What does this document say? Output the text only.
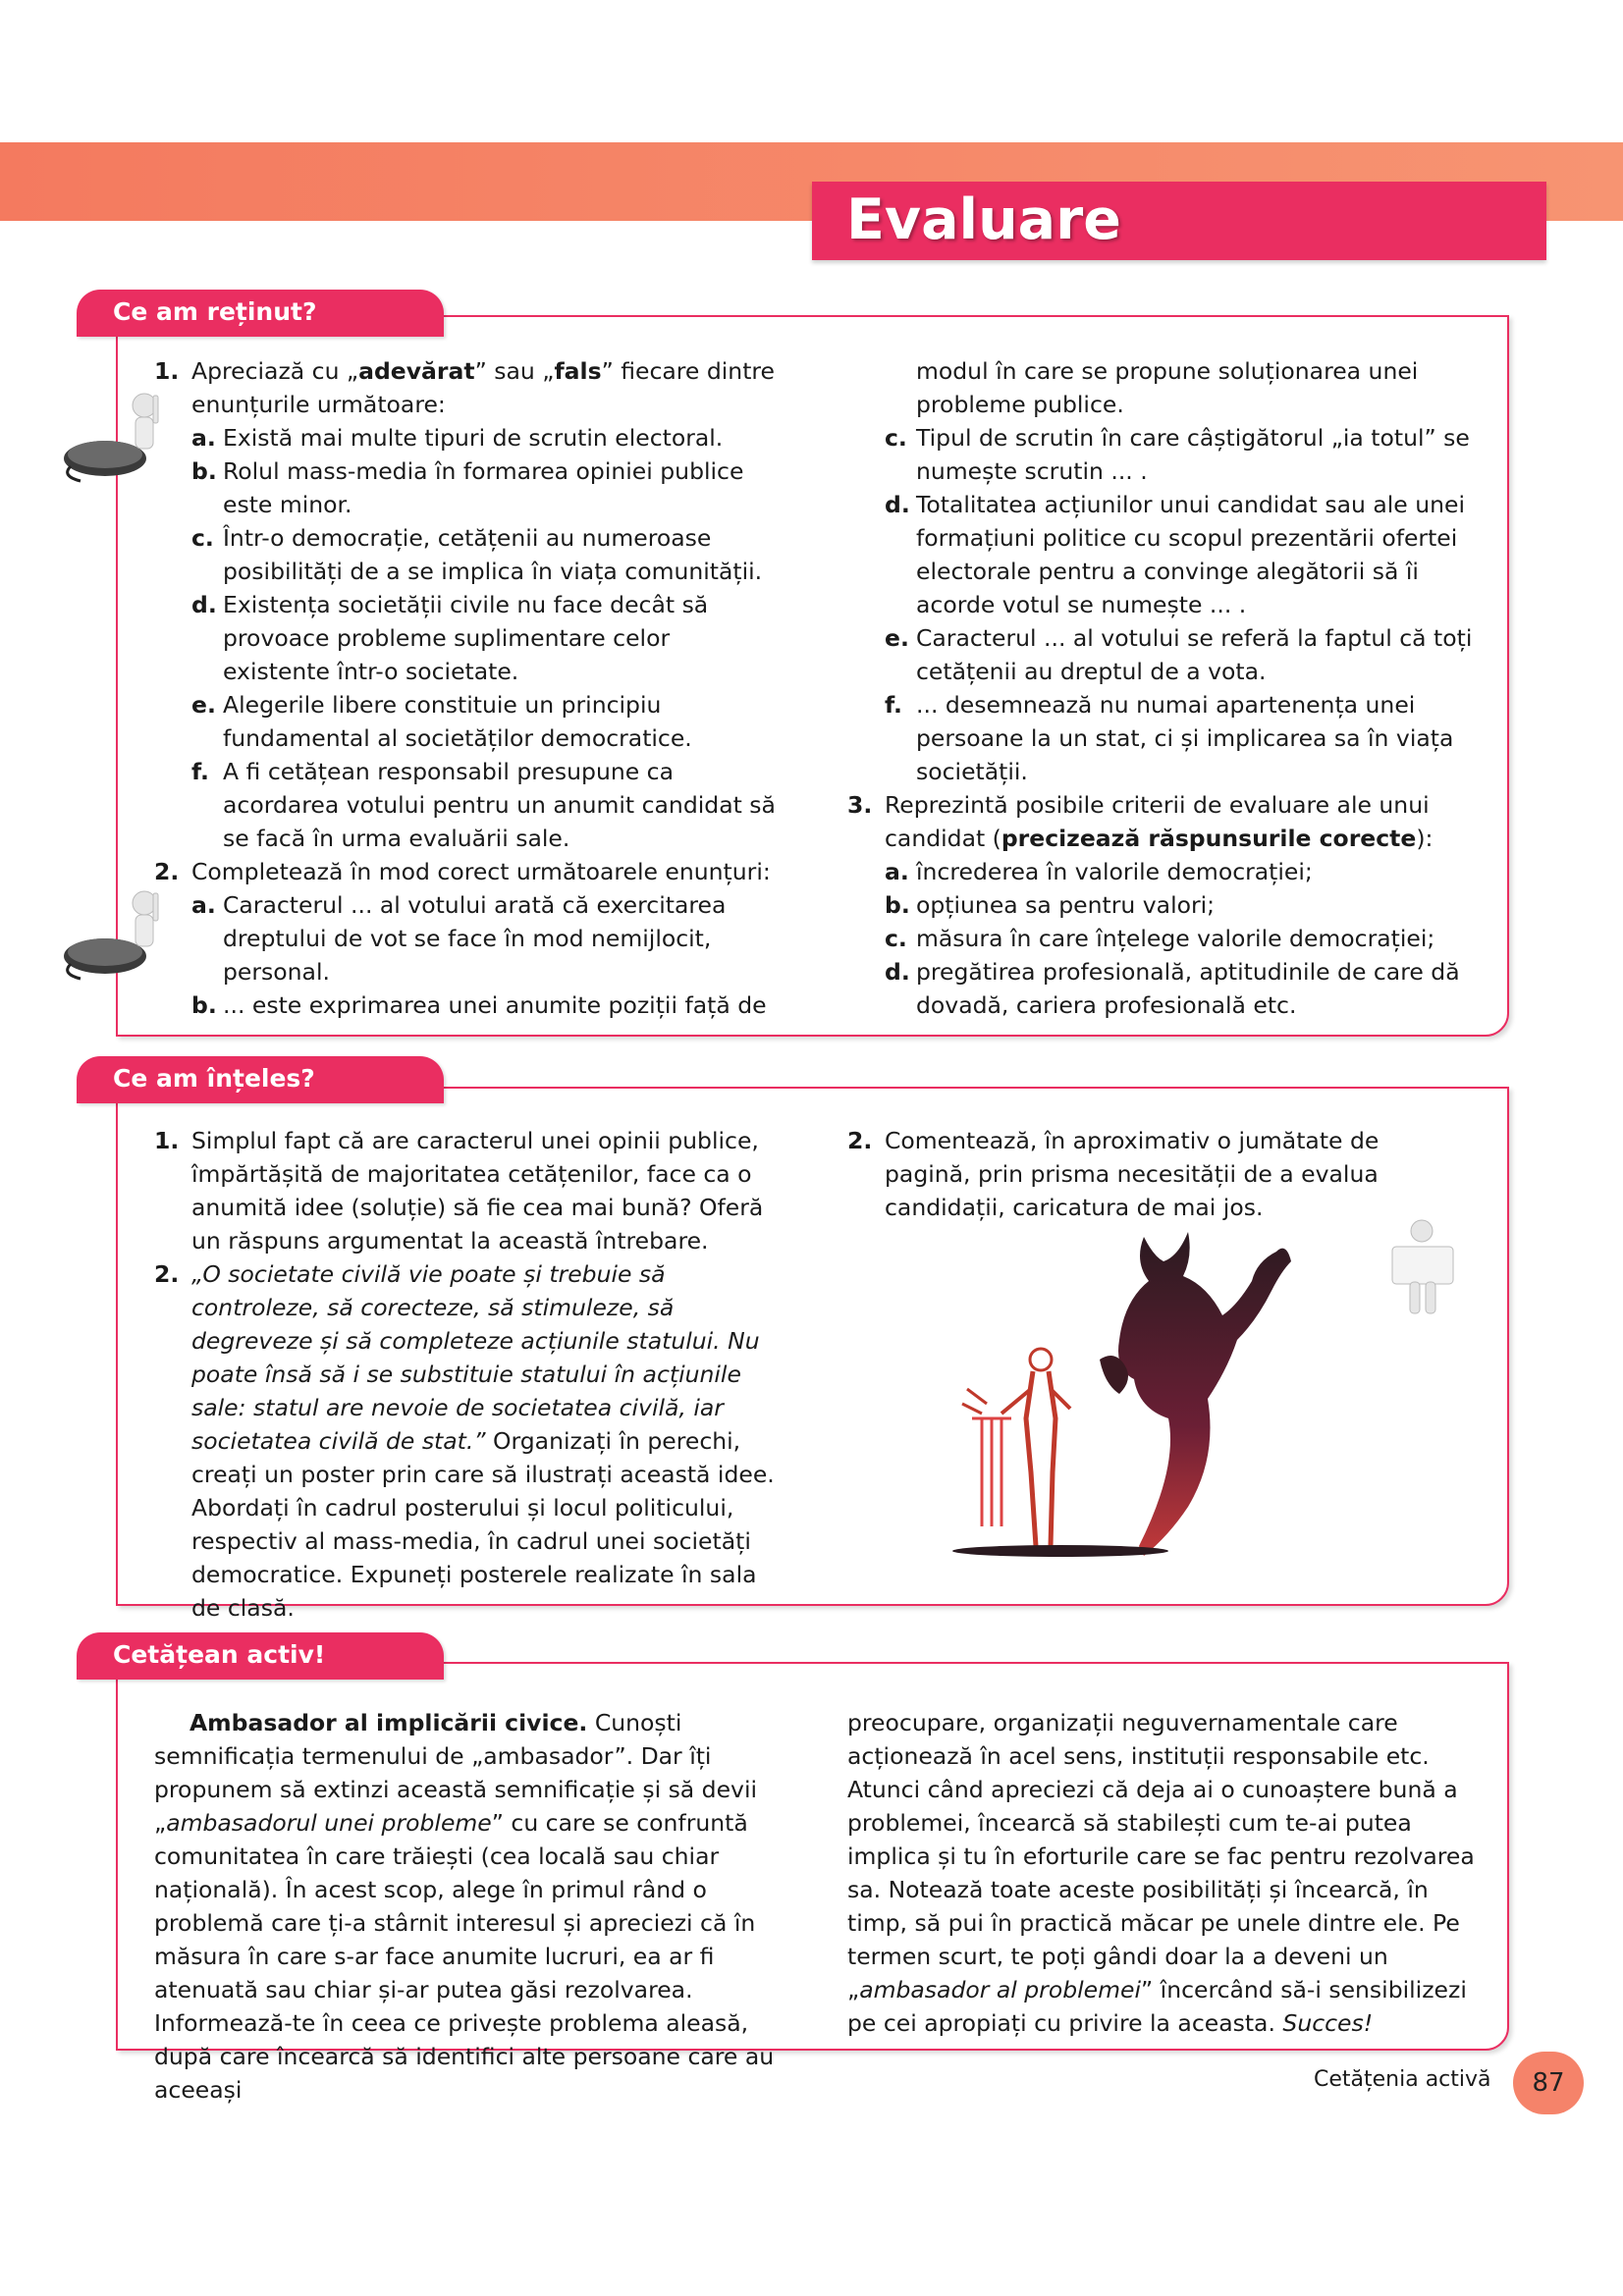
Evaluare
Ce am reținut?
1. Apreciază cu „adevărat” sau „fals” fiecare dintre enunțurile următoare:
a. Există mai multe tipuri de scrutin electoral.
b. Rolul mass-media în formarea opiniei publice este minor.
c. Într-o democrație, cetățenii au numeroase posibilități de a se implica în viața comunității.
d. Existența societății civile nu face decât să provoace probleme suplimentare celor existente într-o societate.
e. Alegerile libere constituie un principiu fundamental al societăților democratice.
f. A fi cetățean responsabil presupune ca acordarea votului pentru un anumit candidat să se facă în urma evaluării sale.
2. Completează în mod corect următoarele enunțuri:
a. Caracterul ... al votului arată că exercitarea dreptului de vot se face în mod nemijlocit, personal.
b. ... este exprimarea unei anumite poziții față de
modul în care se propune soluționarea unei probleme publice.
c. Tipul de scrutin în care câștigătorul „ia totul” se numește scrutin ... .
d. Totalitatea acțiunilor unui candidat sau ale unei formațiuni politice cu scopul prezentării ofertei electorale pentru a convinge alegătorii să îi acorde votul se numește ... .
e. Caracterul ... al votului se referă la faptul că toți cetățenii au dreptul de a vota.
f. ... desemnează nu numai apartenența unei persoane la un stat, ci și implicarea sa în viața societății.
3. Reprezintă posibile criterii de evaluare ale unui candidat (precizează răspunsurile corecte):
a. încrederea în valorile democrației;
b. opțiunea sa pentru valori;
c. măsura în care înțelege valorile democrației;
d. pregătirea profesională, aptitudinile de care dă dovadă, cariera profesională etc.
Ce am înțeles?
1. Simplul fapt că are caracterul unei opinii publice, împărtășită de majoritatea cetățenilor, face ca o anumită idee (soluție) să fie cea mai bună? Oferă un răspuns argumentat la această întrebare.
2. „O societate civilă vie poate și trebuie să controleze, să corecteze, să stimuleze, să degreveze și să completeze acțiunile statului. Nu poate însă să i se substituie statului în acțiunile sale: statul are nevoie de societatea civilă, iar societatea civilă de stat.” Organizați în perechi, creați un poster prin care să ilustrați această idee. Abordați în cadrul posterului și locul politicului, respectiv al mass-media, în cadrul unei societăți democratice. Expuneți posterele realizate în sala de clasă.
2. Comentează, în aproximativ o jumătate de pagină, prin prisma necesității de a evalua candidații, caricatura de mai jos.
Cetățean activ!
Ambasador al implicării civice. Cunoști semnificația termenului de „ambasador”. Dar îți propunem să extinzi această semnificație și să devii „ambasadorul unei probleme” cu care se confruntă comunitatea în care trăiești (cea locală sau chiar națională). În acest scop, alege în primul rând o problemă care ți-a stârnit interesul și apreciezi că în măsura în care s-ar face anumite lucruri, ea ar fi atenuată sau chiar și-ar putea găsi rezolvarea. Informează-te în ceea ce privește problema aleasă, după care încearcă să identifici alte persoane care au aceeași
preocupare, organizații neguvernamentale care acționează în acel sens, instituții responsabile etc. Atunci când apreciezi că deja ai o cunoaștere bună a problemei, încearcă să stabilești cum te-ai putea implica și tu în eforturile care se fac pentru rezolvarea sa. Notează toate aceste posibilități și încearcă, în timp, să pui în practică măcar pe unele dintre ele. Pe termen scurt, te poți gândi doar la a deveni un „ambasador al problemei” încercând să-i sensibilizezi pe cei apropiați cu privire la aceasta. Succes!
Cetățenia activă	87
